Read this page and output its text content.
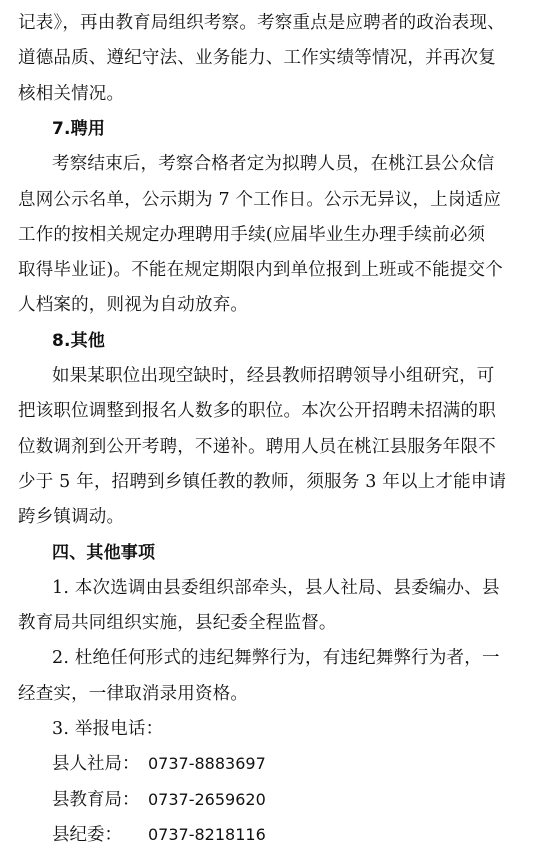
记表》，再由教育局组织考察。考察重点是应聘者的政治表现、
道德品质、遵纪守法、业务能力、工作实绩等情况，并再次复
核相关情况。
7.聘用
考察结束后，考察合格者定为拟聘人员，在桃江县公众信
息网公示名单，公示期为 7 个工作日。公示无异议，上岗适应
工作的按相关规定办理聘用手续(应届毕业生办理手续前必须
取得毕业证)。不能在规定期限内到单位报到上班或不能提交个
人档案的，则视为自动放弃。
8.其他
如果某职位出现空缺时，经县教师招聘领导小组研究，可
把该职位调整到报名人数多的职位。本次公开招聘未招满的职
位数调剂到公开考聘，不递补。聘用人员在桃江县服务年限不
少于 5 年，招聘到乡镇任教的教师，须服务 3 年以上才能申请
跨乡镇调动。
四、其他事项
1. 本次选调由县委组织部牵头，县人社局、县委编办、县
教育局共同组织实施，县纪委全程监督。
2. 杜绝任何形式的违纪舞弊行为，有违纪舞弊行为者，一
经查实，一律取消录用资格。
3. 举报电话：
县人社局： 0737-8883697
县教育局： 0737-2659620
县纪委： 0737-8218116
